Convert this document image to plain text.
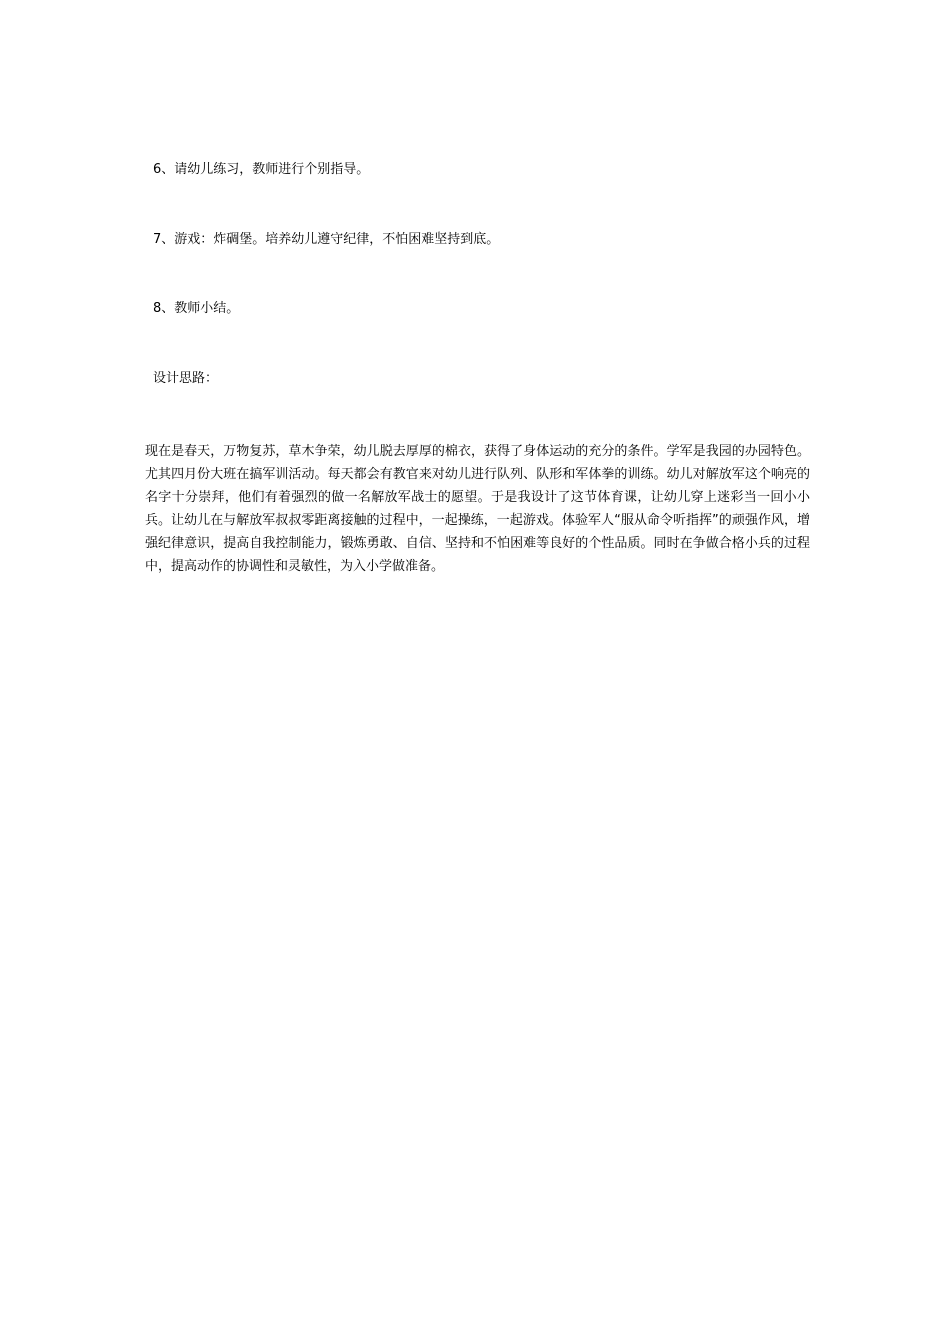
6、请幼儿练习，教师进行个别指导。
7、游戏：炸碉堡。培养幼儿遵守纪律，不怕困难坚持到底。
8、教师小结。
设计思路：

现在是春天，万物复苏，草木争荣，幼儿脱去厚厚的棉衣，获得了身体运动的充分的条件。学军是我园的办园特色。尤其四月份大班在搞军训活动。每天都会有教官来对幼儿进行队列、队形和军体拳的训练。幼儿对解放军这个响亮的名字十分崇拜，他们有着强烈的做一名解放军战士的愿望。于是我设计了这节体育课，让幼儿穿上迷彩当一回小小兵。让幼儿在与解放军叔叔零距离接触的过程中，一起操练，一起游戏。体验军人“服从命令听指挥”的顽强作风，增强纪律意识，提高自我控制能力，锻炼勇敢、自信、坚持和不怕困难等良好的个性品质。同时在争做合格小兵的过程中，提高动作的协调性和灵敏性，为入小学做准备。
